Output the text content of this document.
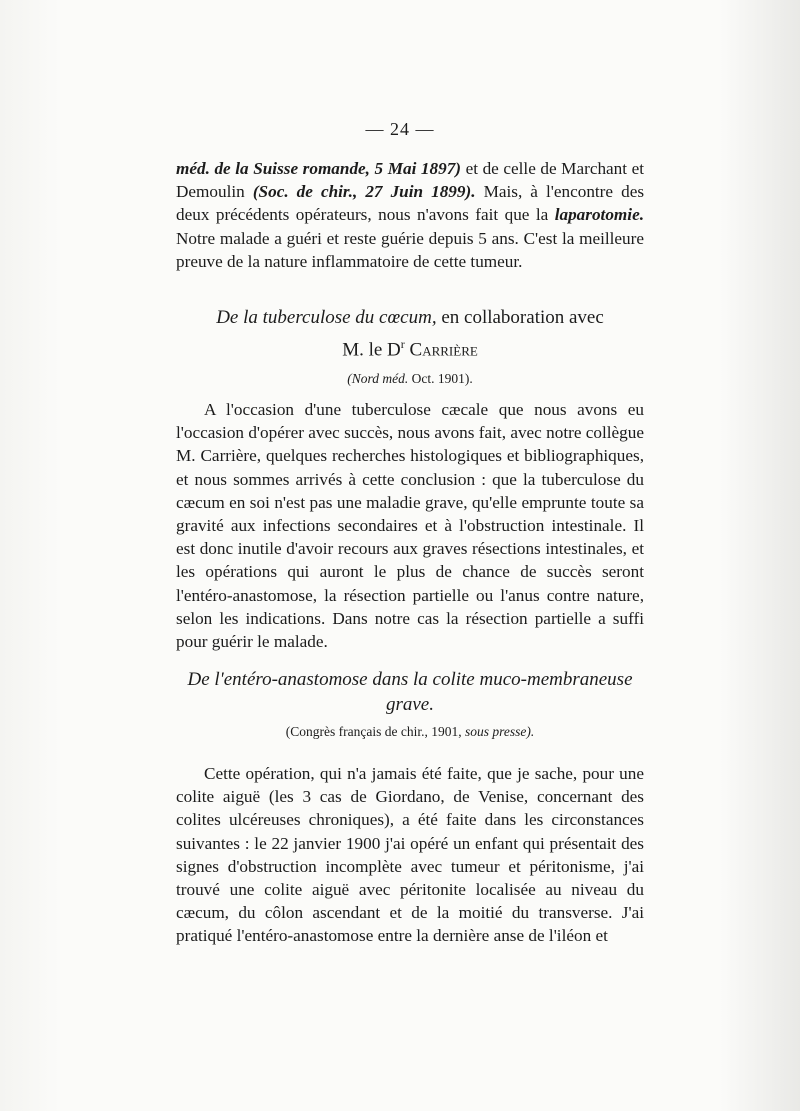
— 24 —

méd. de la Suisse romande, 5 Mai 1897) et de celle de Marchant et Demoulin (Soc. de chir., 27 Juin 1899). Mais, à l'encontre des deux précédents opérateurs, nous n'avons fait que la laparotomie. Notre malade a guéri et reste guérie depuis 5 ans. C'est la meilleure preuve de la nature inflammatoire de cette tumeur.

De la tuberculose du cœcum, en collaboration avec

M. le $D^r$ Carrière

(Nord méd. Oct. 1901).

A l'occasion d'une tuberculose cæcale que nous avons eu l'occasion d'opérer avec succès, nous avons fait, avec notre collègue M. Carrière, quelques recherches histologiques et bibliographiques, et nous sommes arrivés à cette conclusion : que la tuberculose du cæcum en soi n'est pas une maladie grave, qu'elle emprunte toute sa gravité aux infections secondaires et à l'obstruction intestinale. Il est donc inutile d'avoir recours aux graves résections intestinales, et les opérations qui auront le plus de chance de succès seront l'entéro-anastomose, la résection partielle ou l'anus contre nature, selon les indications. Dans notre cas la résection partielle a suffi pour guérir le malade.

De l'entéro-anastomose dans la colite muco-membraneuse

grave.

(Congrès français de chir., 1901, sous presse).

Cette opération, qui n'a jamais été faite, que je sache, pour une colite aiguë (les 3 cas de Giordano, de Venise, concernant des colites ulcéreuses chroniques), a été faite dans les circonstances suivantes : le 22 janvier 1900 j'ai opéré un enfant qui présentait des signes d'obstruction incomplète avec tumeur et péritonisme, j'ai trouvé une colite aiguë avec péritonite localisée au niveau du cæcum, du côlon ascendant et de la moitié du transverse. J'ai pratiqué l'entéro-anastomose entre la dernière anse de l'iléon et
